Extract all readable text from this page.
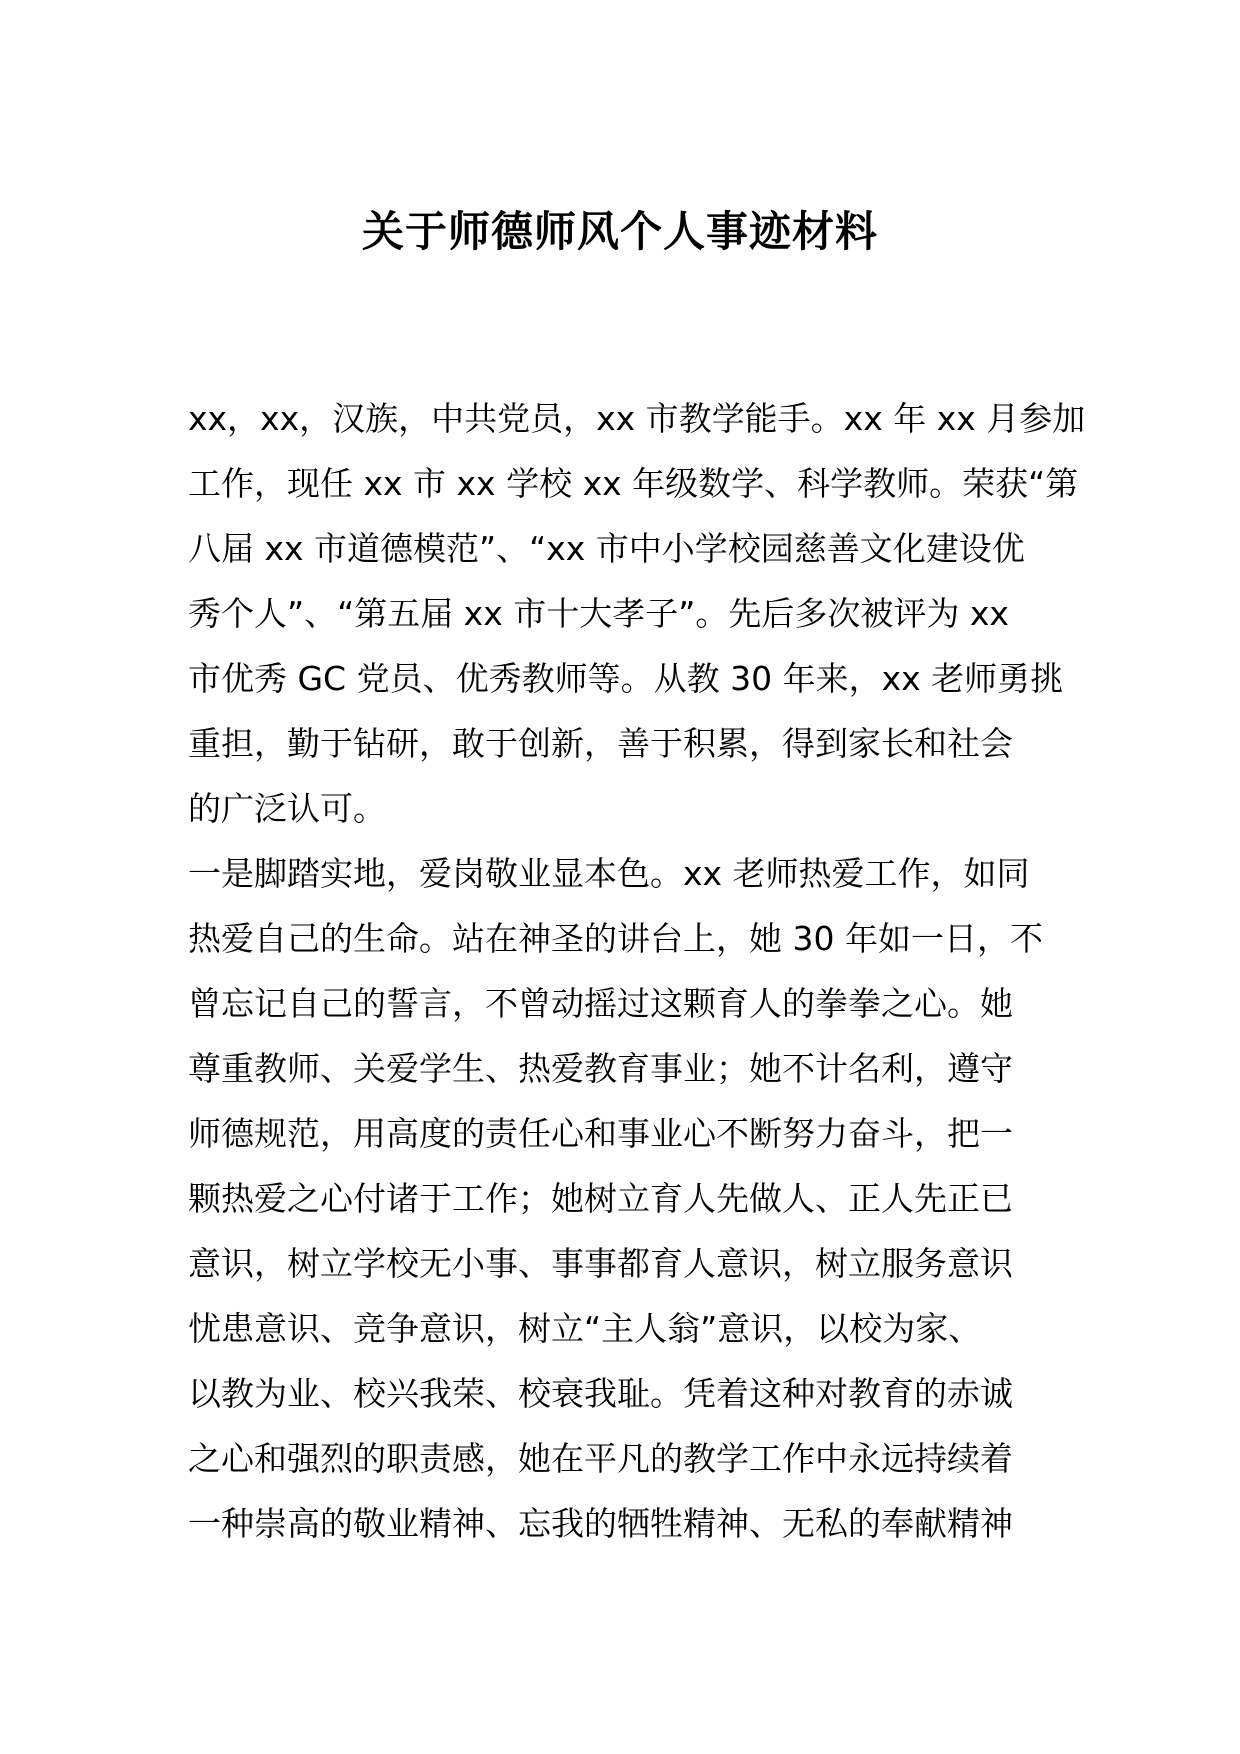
关于师德师风个人事迹材料
xx，xx，汉族，中共党员，xx 市教学能手。xx 年 xx 月参加
工作，现任 xx 市 xx 学校 xx 年级数学、科学教师。荣获“第
八届 xx 市道德模范”、“xx 市中小学校园慈善文化建设优
秀个人”、“第五届 xx 市十大孝子”。先后多次被评为 xx
市优秀 GC 党员、优秀教师等。从教 30 年来，xx 老师勇挑
重担，勤于钻研，敢于创新，善于积累，得到家长和社会
的广泛认可。
一是脚踏实地，爱岗敬业显本色。xx 老师热爱工作，如同
热爱自己的生命。站在神圣的讲台上，她 30 年如一日，不
曾忘记自己的誓言，不曾动摇过这颗育人的拳拳之心。她
尊重教师、关爱学生、热爱教育事业；她不计名利，遵守
师德规范，用高度的责任心和事业心不断努力奋斗，把一
颗热爱之心付诸于工作；她树立育人先做人、正人先正已
意识，树立学校无小事、事事都育人意识，树立服务意识
忧患意识、竞争意识，树立“主人翁”意识，以校为家、
以教为业、校兴我荣、校衰我耻。凭着这种对教育的赤诚
之心和强烈的职责感，她在平凡的教学工作中永远持续着
一种崇高的敬业精神、忘我的牺牲精神、无私的奉献精神
